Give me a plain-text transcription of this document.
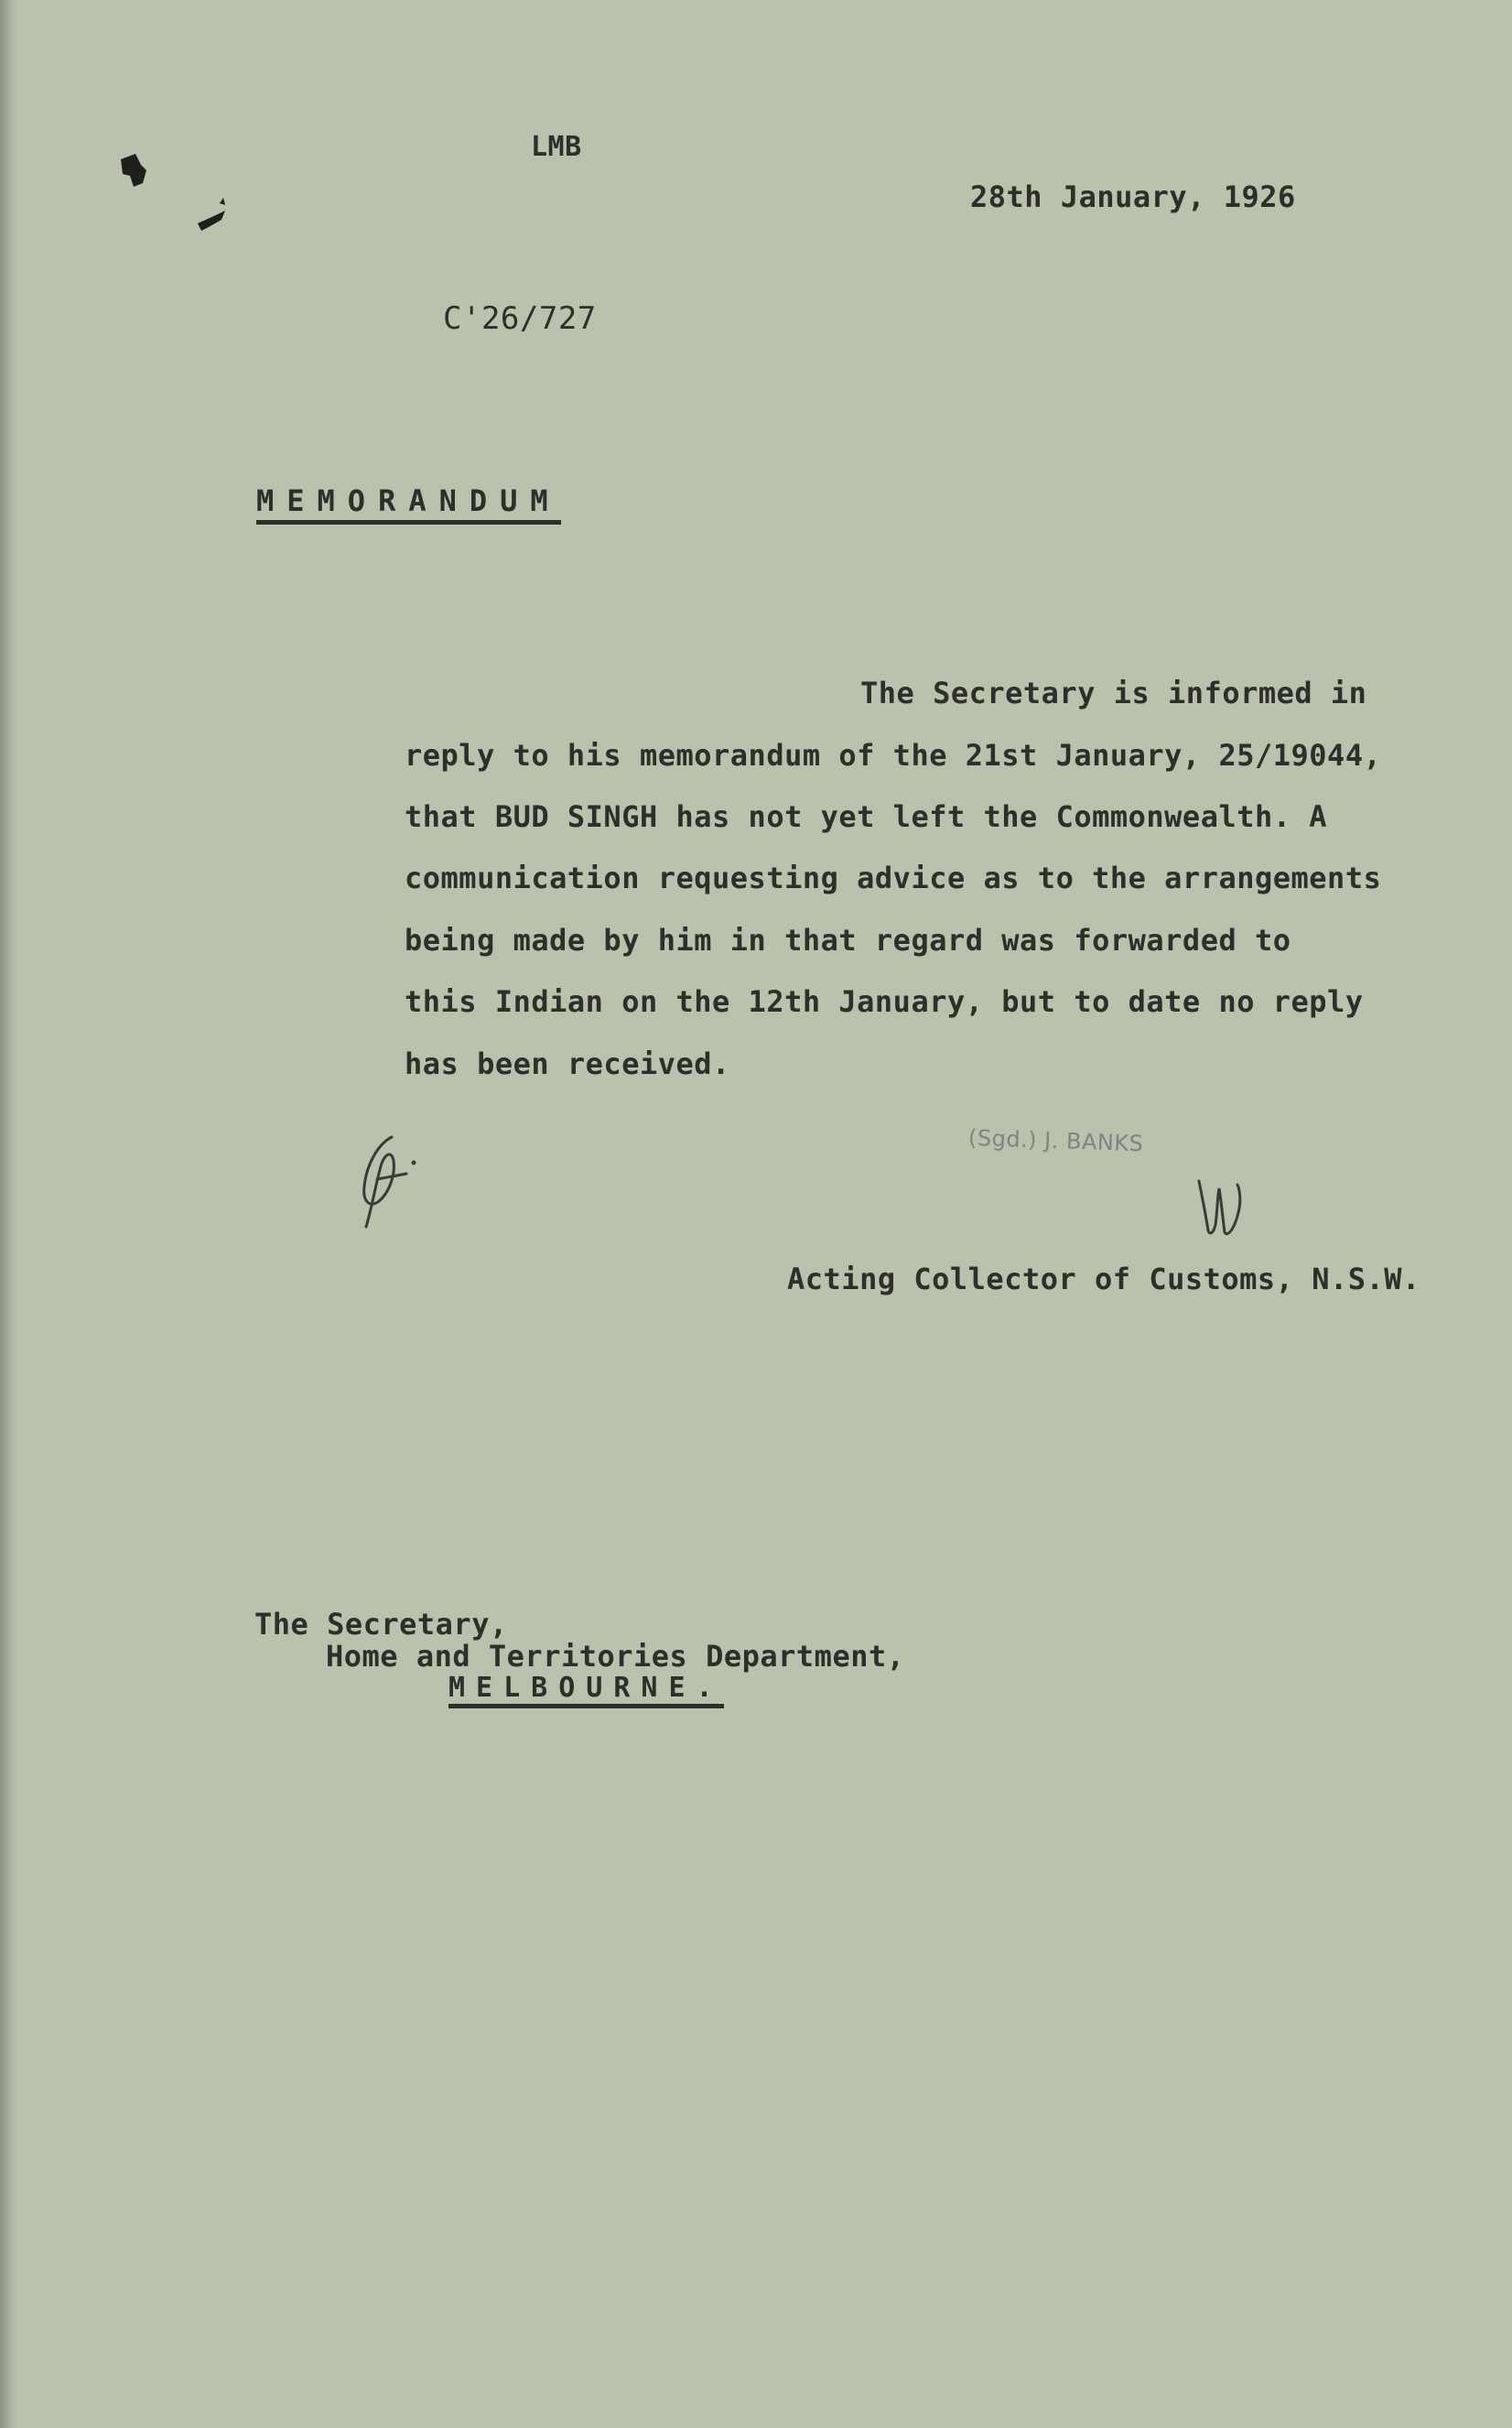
LMB
28th January, 1926
C'26/727
MEMORANDUM
The Secretary is informed in
reply to his memorandum of the 21st January, 25/19044,
that BUD SINGH has not yet left the Commonwealth. A
communication requesting advice as to the arrangements
being made by him in that regard was forwarded to
this Indian on the 12th January, but to date no reply
has been received.
(Sgd.) J. BANKS
Acting Collector of Customs, N.S.W.
The Secretary,
Home and Territories Department,
MELBOURNE.
